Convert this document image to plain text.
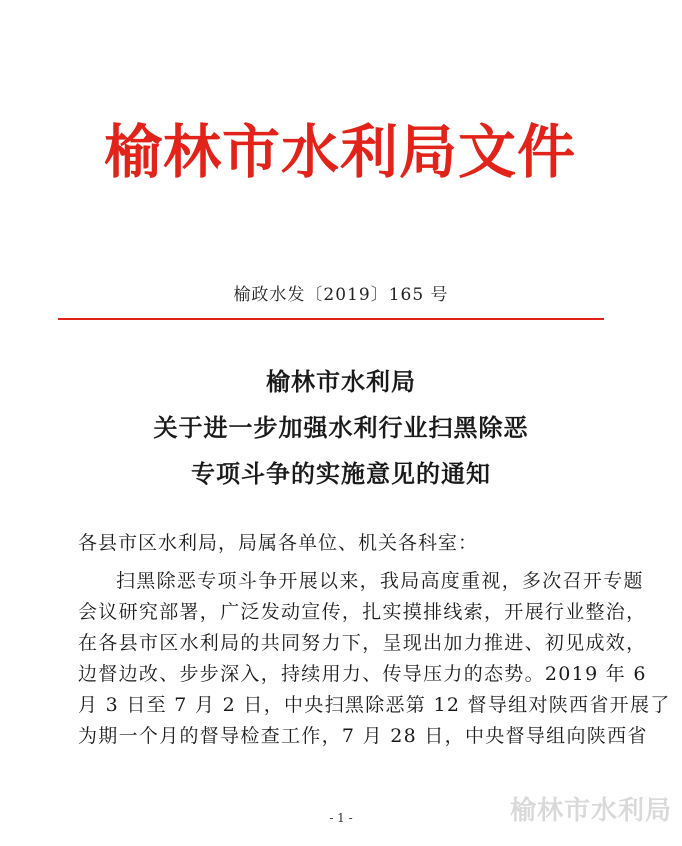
榆林市水利局文件
榆政水发〔2019〕165 号
榆林市水利局
关于进一步加强水利行业扫黑除恶
专项斗争的实施意见的通知
各县市区水利局，局属各单位、机关各科室：
扫黑除恶专项斗争开展以来，我局高度重视，多次召开专题
会议研究部署，广泛发动宣传，扎实摸排线索，开展行业整治，
在各县市区水利局的共同努力下，呈现出加力推进、初见成效，
边督边改、步步深入，持续用力、传导压力的态势。2019 年 6
月 3 日至 7 月 2 日，中央扫黑除恶第 12 督导组对陕西省开展了
为期一个月的督导检查工作，7 月 28 日，中央督导组向陕西省
- 1 -	榆林市水利局
